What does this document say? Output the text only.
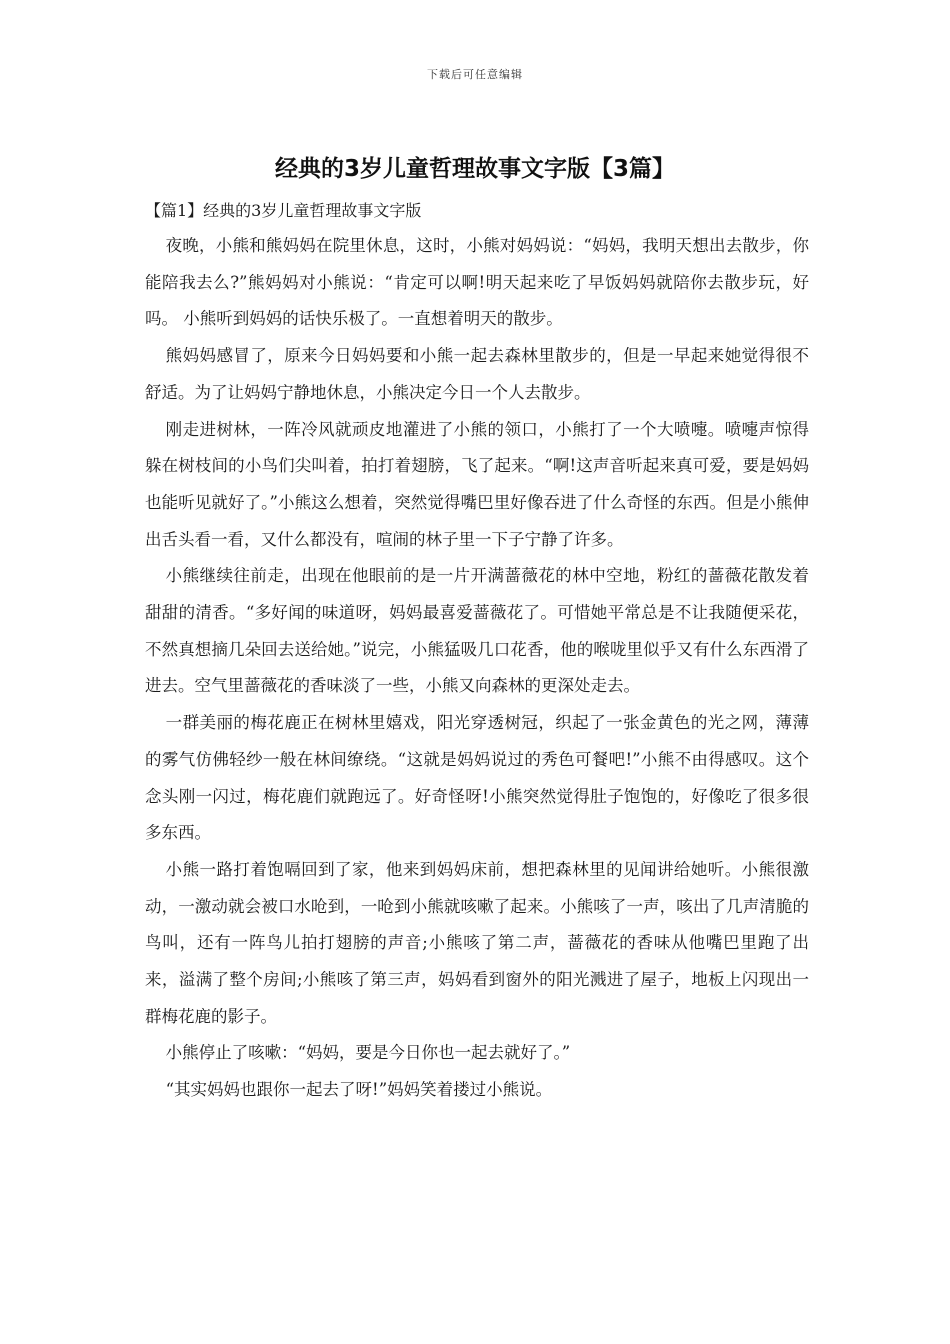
下载后可任意编辑
经典的3岁儿童哲理故事文字版【3篇】

【篇1】经典的3岁儿童哲理故事文字版

夜晚，小熊和熊妈妈在院里休息，这时，小熊对妈妈说：“妈妈，我明天想出去散步，你能陪我去么?”熊妈妈对小熊说：“肯定可以啊!明天起来吃了早饭妈妈就陪你去散步玩，好吗。 小熊听到妈妈的话快乐极了。一直想着明天的散步。

熊妈妈感冒了，原来今日妈妈要和小熊一起去森林里散步的，但是一早起来她觉得很不舒适。为了让妈妈宁静地休息，小熊决定今日一个人去散步。

刚走进树林，一阵冷风就顽皮地灌进了小熊的领口，小熊打了一个大喷嚏。喷嚏声惊得躲在树枝间的小鸟们尖叫着，拍打着翅膀，飞了起来。“啊!这声音听起来真可爱，要是妈妈也能听见就好了。”小熊这么想着，突然觉得嘴巴里好像吞进了什么奇怪的东西。但是小熊伸出舌头看一看，又什么都没有，喧闹的林子里一下子宁静了许多。

小熊继续往前走，出现在他眼前的是一片开满蔷薇花的林中空地，粉红的蔷薇花散发着甜甜的清香。“多好闻的味道呀，妈妈最喜爱蔷薇花了。可惜她平常总是不让我随便采花，不然真想摘几朵回去送给她。”说完，小熊猛吸几口花香，他的喉咙里似乎又有什么东西滑了进去。空气里蔷薇花的香味淡了一些，小熊又向森林的更深处走去。

一群美丽的梅花鹿正在树林里嬉戏，阳光穿透树冠，织起了一张金黄色的光之网，薄薄的雾气仿佛轻纱一般在林间缭绕。“这就是妈妈说过的秀色可餐吧!”小熊不由得感叹。这个念头刚一闪过，梅花鹿们就跑远了。好奇怪呀!小熊突然觉得肚子饱饱的，好像吃了很多很多东西。

小熊一路打着饱嗝回到了家，他来到妈妈床前，想把森林里的见闻讲给她听。小熊很激动，一激动就会被口水呛到，一呛到小熊就咳嗽了起来。小熊咳了一声，咳出了几声清脆的鸟叫，还有一阵鸟儿拍打翅膀的声音;小熊咳了第二声，蔷薇花的香味从他嘴巴里跑了出来，溢满了整个房间;小熊咳了第三声，妈妈看到窗外的阳光溅进了屋子，地板上闪现出一群梅花鹿的影子。

小熊停止了咳嗽：“妈妈，要是今日你也一起去就好了。”

“其实妈妈也跟你一起去了呀!”妈妈笑着搂过小熊说。
